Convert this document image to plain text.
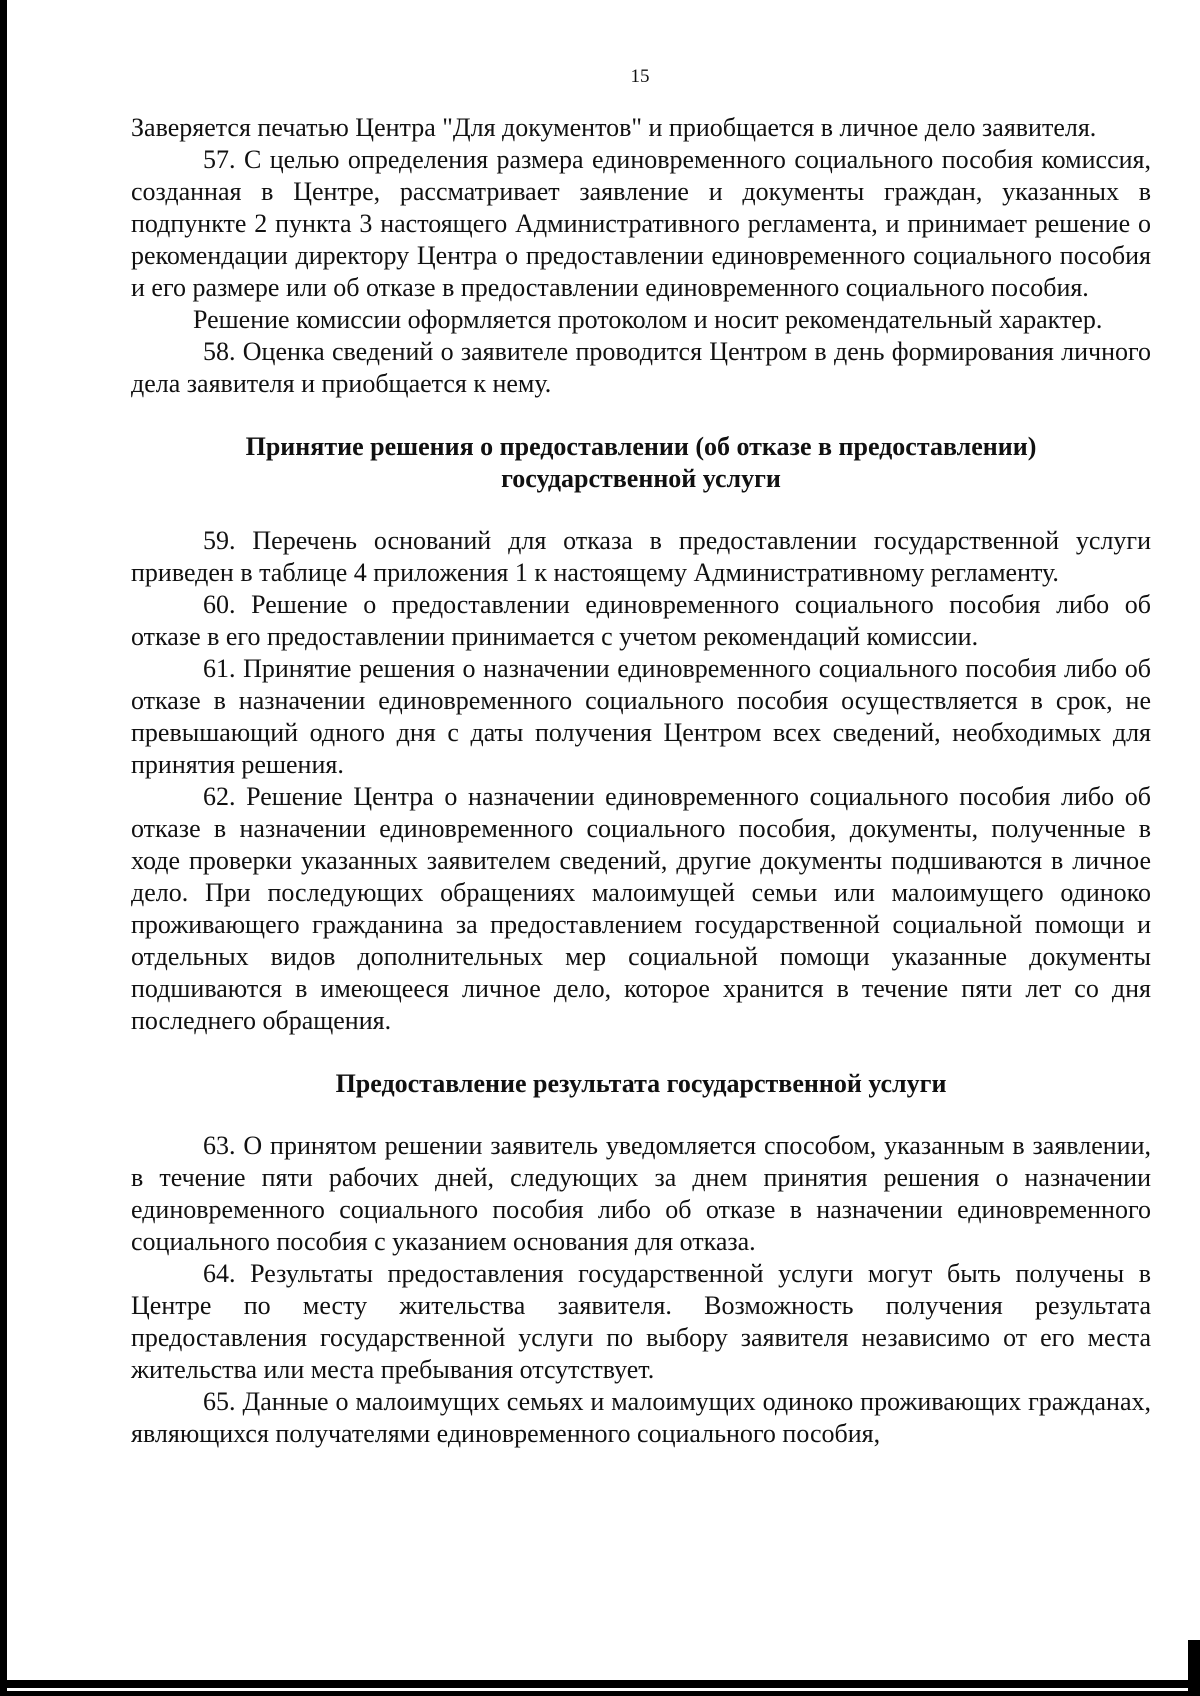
15

Заверяется печатью Центра "Для документов" и приобщается в личное дело заявителя.

57. С целью определения размера единовременного социального пособия комиссия, созданная в Центре, рассматривает заявление и документы граждан, указанных в подпункте 2 пункта 3 настоящего Административного регламента, и принимает решение о рекомендации директору Центра о предоставлении единовременного социального пособия и его размере или об отказе в предоставлении единовременного социального пособия.

Решение комиссии оформляется протоколом и носит рекомендательный характер.

58. Оценка сведений о заявителе проводится Центром в день формирования личного дела заявителя и приобщается к нему.

Принятие решения о предоставлении (об отказе в предоставлении)
государственной услуги

59. Перечень оснований для отказа в предоставлении государственной услуги приведен в таблице 4 приложения 1 к настоящему Административному регламенту.

60. Решение о предоставлении единовременного социального пособия либо об отказе в его предоставлении принимается с учетом рекомендаций комиссии.

61. Принятие решения о назначении единовременного социального пособия либо об отказе в назначении единовременного социального пособия осуществляется в срок, не превышающий одного дня с даты получения Центром всех сведений, необходимых для принятия решения.

62. Решение Центра о назначении единовременного социального пособия либо об отказе в назначении единовременного социального пособия, документы, полученные в ходе проверки указанных заявителем сведений, другие документы подшиваются в личное дело. При последующих обращениях малоимущей семьи или малоимущего одиноко проживающего гражданина за предоставлением государственной социальной помощи и отдельных видов дополнительных мер социальной помощи указанные документы подшиваются в имеющееся личное дело, которое хранится в течение пяти лет со дня последнего обращения.

Предоставление результата государственной услуги

63. О принятом решении заявитель уведомляется способом, указанным в заявлении, в течение пяти рабочих дней, следующих за днем принятия решения о назначении единовременного социального пособия либо об отказе в назначении единовременного социального пособия с указанием основания для отказа.

64. Результаты предоставления государственной услуги могут быть получены в Центре по месту жительства заявителя. Возможность получения результата предоставления государственной услуги по выбору заявителя независимо от его места жительства или места пребывания отсутствует.

65. Данные о малоимущих семьях и малоимущих одиноко проживающих гражданах, являющихся получателями единовременного социального пособия,
